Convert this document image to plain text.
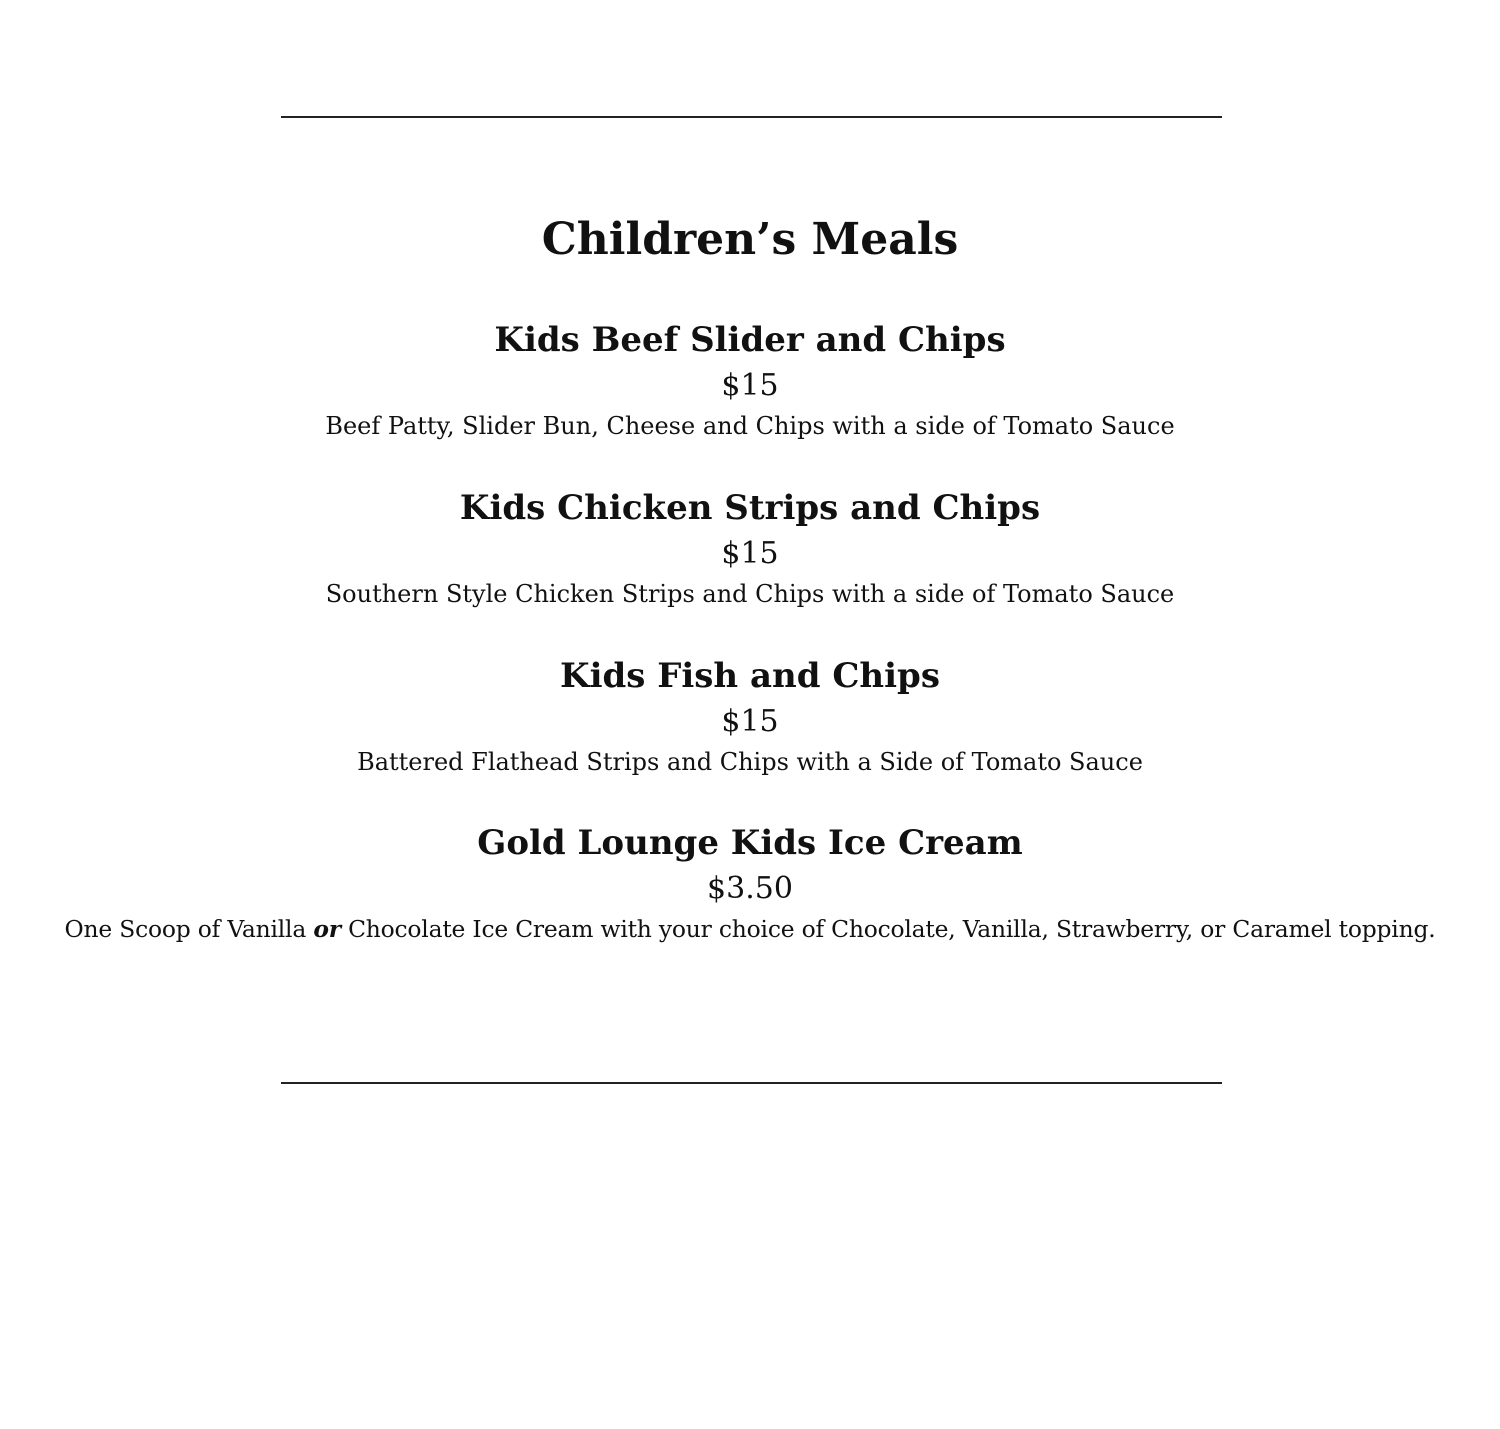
Children’s Meals

Kids Beef Slider and Chips

$15

Beef Patty, Slider Bun, Cheese and Chips with a side of Tomato Sauce

Kids Chicken Strips and Chips

$15

Southern Style Chicken Strips and Chips with a side of Tomato Sauce

Kids Fish and Chips

$15

Battered Flathead Strips and Chips with a Side of Tomato Sauce

Gold Lounge Kids Ice Cream

$3.50

One Scoop of Vanilla or Chocolate Ice Cream with your choice of Chocolate, Vanilla, Strawberry, or Caramel topping.
